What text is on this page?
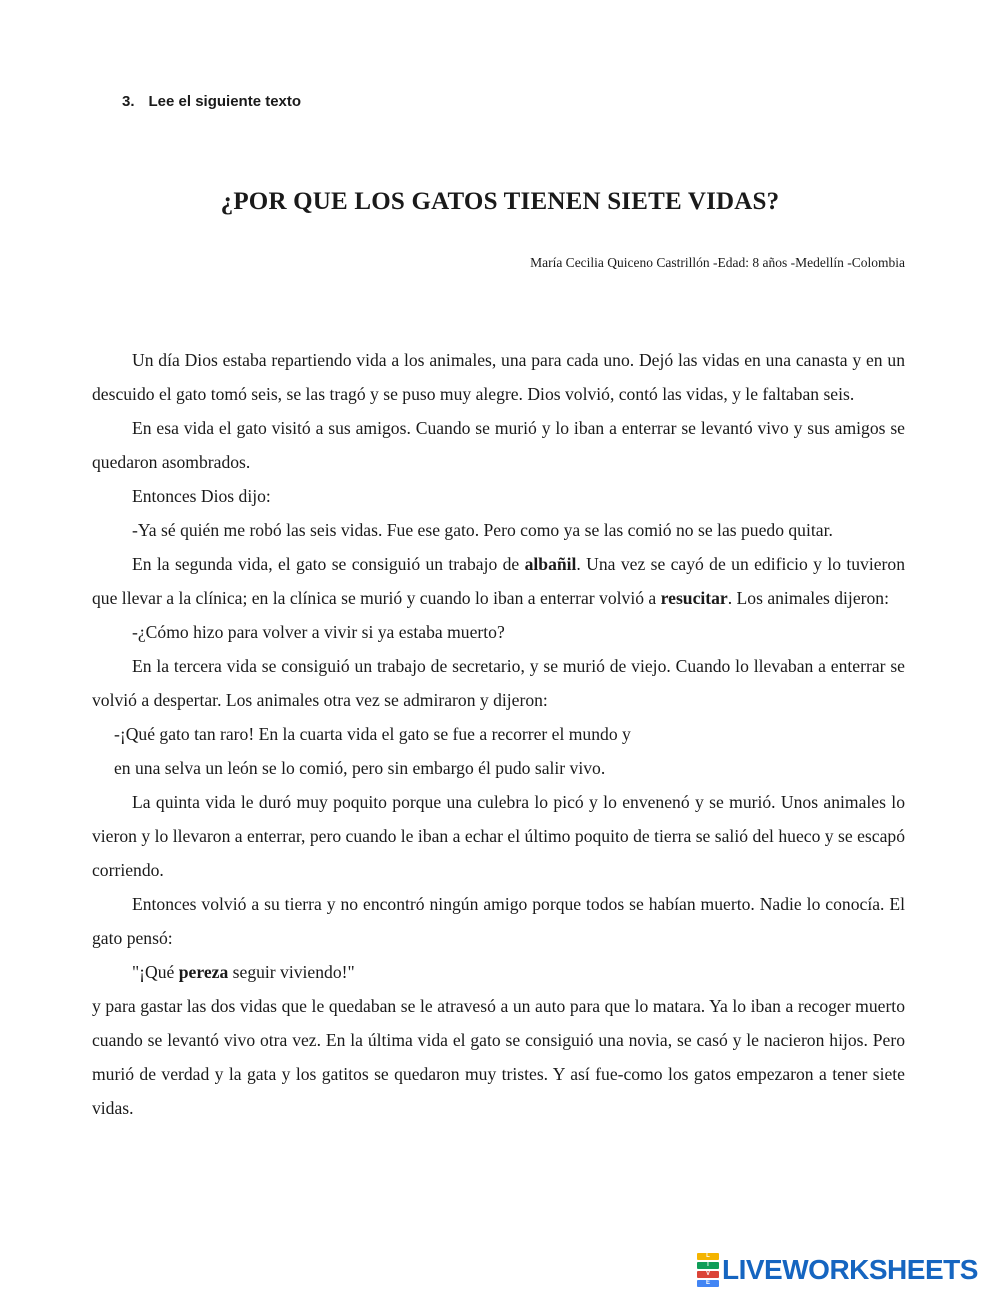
3. Lee el siguiente texto
¿POR QUE LOS GATOS TIENEN SIETE VIDAS?
María Cecilia Quiceno Castrillón -Edad: 8 años -Medellín -Colombia

Un día Dios estaba repartiendo vida a los animales, una para cada uno. Dejó las vidas en una canasta y en un descuido el gato tomó seis, se las tragó y se puso muy alegre. Dios volvió, contó las vidas, y le faltaban seis.

En esa vida el gato visitó a sus amigos. Cuando se murió y lo iban a enterrar se levantó vivo y sus amigos se quedaron asombrados.

Entonces Dios dijo:

-Ya sé quién me robó las seis vidas. Fue ese gato. Pero como ya se las comió no se las puedo quitar.

En la segunda vida, el gato se consiguió un trabajo de albañil. Una vez se cayó de un edificio y lo tuvieron que llevar a la clínica; en la clínica se murió y cuando lo iban a enterrar volvió a resucitar. Los animales dijeron:

-¿Cómo hizo para volver a vivir si ya estaba muerto?

En la tercera vida se consiguió un trabajo de secretario, y se murió de viejo. Cuando lo llevaban a enterrar se volvió a despertar. Los animales otra vez se admiraron y dijeron:

-¡Qué gato tan raro! En la cuarta vida el gato se fue a recorrer el mundo y

en una selva un león se lo comió, pero sin embargo él pudo salir vivo.

La quinta vida le duró muy poquito porque una culebra lo picó y lo envenenó y se murió. Unos animales lo vieron y lo llevaron a enterrar, pero cuando le iban a echar el último poquito de tierra se salió del hueco y se escapó corriendo.

Entonces volvió a su tierra y no encontró ningún amigo porque todos se habían muerto. Nadie lo conocía. El gato pensó:

"¡Qué pereza seguir viviendo!"

y para gastar las dos vidas que le quedaban se le atravesó a un auto para que lo matara. Ya lo iban a recoger muerto cuando se levantó vivo otra vez. En la última vida el gato se consiguió una novia, se casó y le nacieron hijos. Pero murió de verdad y la gata y los gatitos se quedaron muy tristes. Y así fue-como los gatos empezaron a tener siete vidas.

L
I
V
E LIVEWORKSHEETS
